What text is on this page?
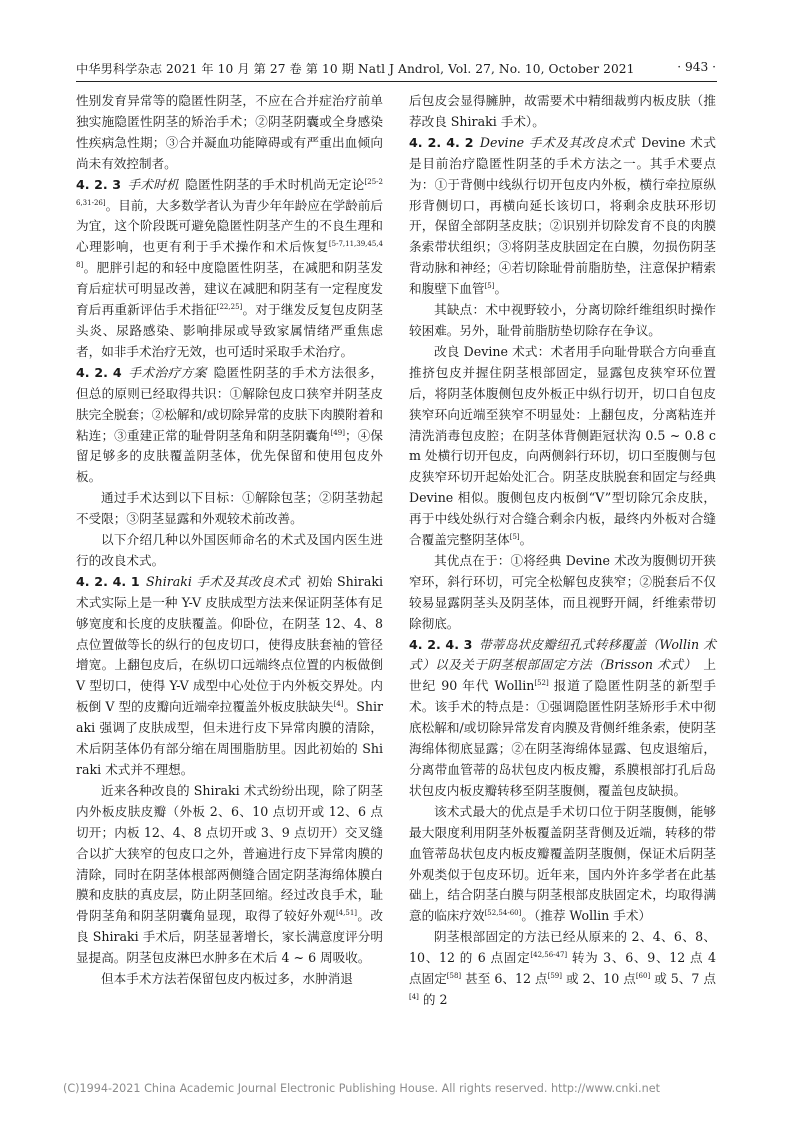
中华男科学杂志 2021 年 10 月 第 27 卷 第 10 期 Natl J Androl, Vol. 27, No. 10, October 2021	· 943 ·

性别发育异常等的隐匿性阴茎，不应在合并症治疗前单独实施隐匿性阴茎的矫治手术；②阴茎阴囊或全身感染性疾病急性期；③合并凝血功能障碍或有严重出血倾向尚未有效控制者。

4. 2. 3  手术时机  隐匿性阴茎的手术时机尚无定论[25-26,31-26]。目前，大多数学者认为青少年年龄应在学龄前后为宜，这个阶段既可避免隐匿性阴茎产生的不良生理和心理影响，也更有利于手术操作和术后恢复[5-7,11,39,45,48]。肥胖引起的和轻中度隐匿性阴茎，在减肥和阴茎发育后症状可明显改善，建议在减肥和阴茎有一定程度发育后再重新评估手术指征[22,25]。对于继发反复包皮阴茎头炎、尿路感染、影响排尿或导致家属情绪严重焦虑者，如非手术治疗无效，也可适时采取手术治疗。

4. 2. 4  手术治疗方案  隐匿性阴茎的手术方法很多，但总的原则已经取得共识：①解除包皮口狭窄并阴茎皮肤完全脱套；②松解和/或切除异常的皮肤下肉膜附着和粘连；③重建正常的耻骨阴茎角和阴茎阴囊角[49]；④保留足够多的皮肤覆盖阴茎体，优先保留和使用包皮外板。

通过手术达到以下目标：①解除包茎；②阴茎勃起不受限；③阴茎显露和外观较术前改善。

以下介绍几种以外国医师命名的术式及国内医生进行的改良术式。

4. 2. 4. 1  Shiraki 手术及其改良术式  初始 Shiraki 术式实际上是一种 Y-V 皮肤成型方法来保证阴茎体有足够宽度和长度的皮肤覆盖。仰卧位，在阴茎 12、4、8 点位置做等长的纵行的包皮切口，使得皮肤套袖的管径增宽。上翻包皮后，在纵切口远端终点位置的内板做倒 V 型切口，使得 Y-V 成型中心处位于内外板交界处。内板倒 V 型的皮瓣向近端牵拉覆盖外板皮肤缺失[4]。Shiraki 强调了皮肤成型，但未进行皮下异常肉膜的清除，术后阴茎体仍有部分缩在周围脂肪里。因此初始的 Shiraki 术式并不理想。

近来各种改良的 Shiraki 术式纷纷出现，除了阴茎内外板皮肤皮瓣（外板 2、6、10 点切开或 12、6 点切开；内板 12、4、8 点切开或 3、9 点切开）交叉缝合以扩大狭窄的包皮口之外，普遍进行皮下异常肉膜的清除，同时在阴茎体根部两侧缝合固定阴茎海绵体膜白膜和皮肤的真皮层，防止阴茎回缩。经过改良手术，耻骨阴茎角和阴茎阴囊角显现，取得了较好外观[4,51]。改良 Shiraki 手术后，阴茎显著增长，家长满意度评分明显提高。阴茎包皮淋巴水肿多在术后 4 ~ 6 周吸收。

但本手术方法若保留包皮内板过多，水肿消退

后包皮会显得臃肿，故需要术中精细裁剪内板皮肤（推荐改良 Shiraki 手术）。

4. 2. 4. 2  Devine 手术及其改良术式  Devine 术式是目前治疗隐匿性阴茎的手术方法之一。其手术要点为：①于背侧中线纵行切开包皮内外板，横行牵拉原纵形背侧切口，再横向延长该切口，将剩余皮肤环形切开，保留全部阴茎皮肤；②识别并切除发育不良的肉膜条索带状组织；③将阴茎皮肤固定在白膜，勿损伤阴茎背动脉和神经；④若切除耻骨前脂肪垫，注意保护精索和腹壁下血管[5]。

其缺点：术中视野较小，分离切除纤维组织时操作较困难。另外，耻骨前脂肪垫切除存在争议。

改良 Devine 术式：术者用手向耻骨联合方向垂直推挤包皮并握住阴茎根部固定，显露包皮狭窄环位置后，将阴茎体腹侧包皮外板正中纵行切开，切口自包皮狭窄环向近端至狭窄不明显处：上翻包皮，分离粘连并清洗消毒包皮腔；在阴茎体背侧距冠状沟 0.5 ~ 0.8 cm 处横行切开包皮，向两侧斜行环切，切口至腹侧与包皮狭窄环切开起始处汇合。阴茎皮肤脱套和固定与经典 Devine 相似。腹侧包皮内板倒“V”型切除冗余皮肤，再于中线处纵行对合缝合剩余内板，最终内外板对合缝合覆盖完整阴茎体[5]。

其优点在于：①将经典 Devine 术改为腹侧切开狭窄环，斜行环切，可完全松解包皮狭窄；②脱套后不仅较易显露阴茎头及阴茎体，而且视野开阔，纤维索带切除彻底。

4. 2. 4. 3  带蒂岛状皮瓣纽孔式转移覆盖（Wollin 术式）以及关于阴茎根部固定方法（Brisson 术式）  上世纪 90 年代 Wollin[52] 报道了隐匿性阴茎的新型手术。该手术的特点是：①强调隐匿性阴茎矫形手术中彻底松解和/或切除异常发育肉膜及背侧纤维条索，使阴茎海绵体彻底显露；②在阴茎海绵体显露、包皮退缩后，分离带血管蒂的岛状包皮内板皮瓣，系膜根部打孔后岛状包皮内板皮瓣转移至阴茎腹侧，覆盖包皮缺损。

该术式最大的优点是手术切口位于阴茎腹侧，能够最大限度利用阴茎外板覆盖阴茎背侧及近端，转移的带血管蒂岛状包皮内板皮瓣覆盖阴茎腹侧，保证术后阴茎外观类似于包皮环切。近年来，国内外许多学者在此基础上，结合阴茎白膜与阴茎根部皮肤固定术，均取得满意的临床疗效[52,54-60]。（推荐 Wollin 手术）

阴茎根部固定的方法已经从原来的 2、4、6、8、10、12 的 6 点固定[42,56-47] 转为 3、6、9、12 点 4 点固定[58] 甚至 6、12 点[59] 或 2、10 点[60] 或 5、7 点[4] 的 2

(C)1994-2021 China Academic Journal Electronic Publishing House. All rights reserved. http://www.cnki.net
